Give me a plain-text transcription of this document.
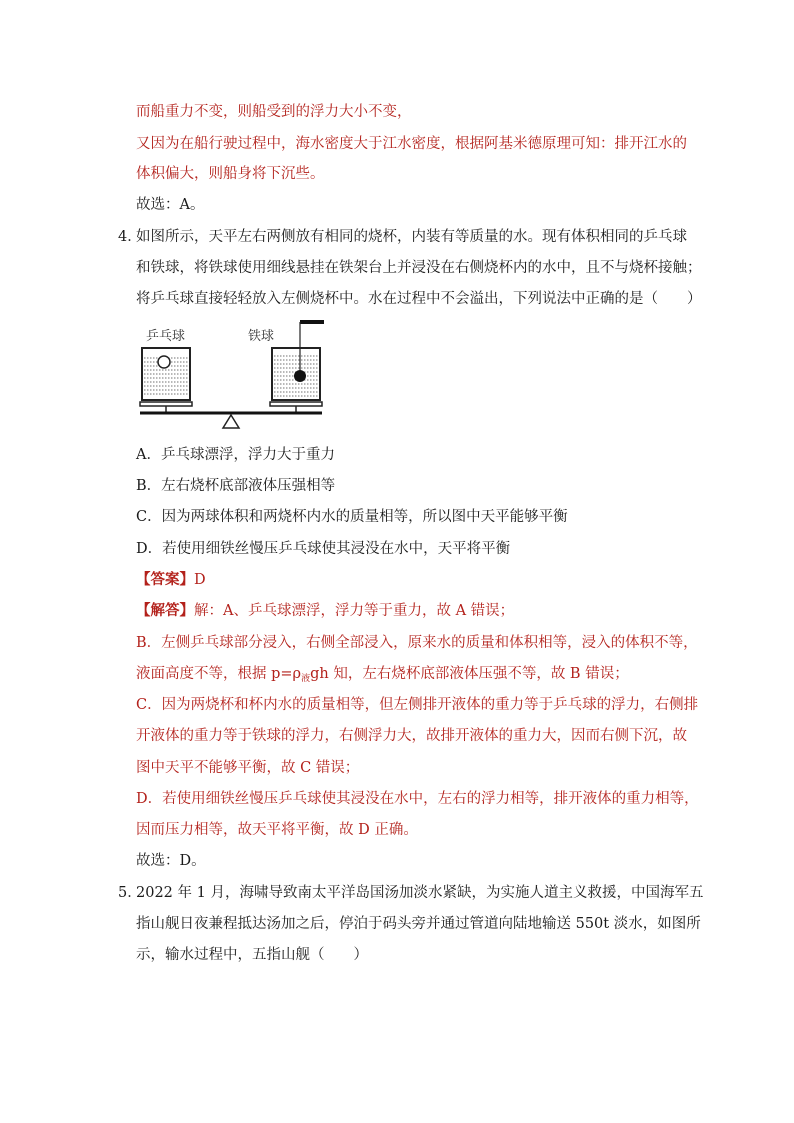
而船重力不变，则船受到的浮力大小不变，
又因为在船行驶过程中，海水密度大于江水密度，根据阿基米德原理可知：排开江水的
体积偏大，则船身将下沉些。
故选：A。
4．
如图所示，天平左右两侧放有相同的烧杯，内装有等质量的水。现有体积相同的乒乓球
和铁球，将铁球使用细线悬挂在铁架台上并浸没在右侧烧杯内的水中，且不与烧杯接触；
将乒乓球直接轻轻放入左侧烧杯中。水在过程中不会溢出，下列说法中正确的是（　　）
乒乓球	铁球
A．乒乓球漂浮，浮力大于重力
B．左右烧杯底部液体压强相等
C．因为两球体积和两烧杯内水的质量相等，所以图中天平能够平衡
D．若使用细铁丝慢压乒乓球使其浸没在水中，天平将平衡
【答案】D
【解答】解：A、乒乓球漂浮，浮力等于重力，故 A 错误；
B．左侧乒乓球部分浸入，右侧全部浸入，原来水的质量和体积相等，浸入的体积不等，
液面高度不等，根据 $p=\rho_液gh$ 知，左右烧杯底部液体压强不等，故 B 错误；
C．因为两烧杯和杯内水的质量相等，但左侧排开液体的重力等于乒乓球的浮力，右侧排
开液体的重力等于铁球的浮力，右侧浮力大，故排开液体的重力大，因而右侧下沉，故
图中天平不能够平衡，故 C 错误；
D．若使用细铁丝慢压乒乓球使其浸没在水中，左右的浮力相等，排开液体的重力相等，
因而压力相等，故天平将平衡，故 D 正确。
故选：D。
5．
2022 年 1 月，海啸导致南太平洋岛国汤加淡水紧缺，为实施人道主义救援，中国海军五
指山舰日夜兼程抵达汤加之后，停泊于码头旁并通过管道向陆地输送 550t 淡水，如图所
示，输水过程中，五指山舰（　　）
